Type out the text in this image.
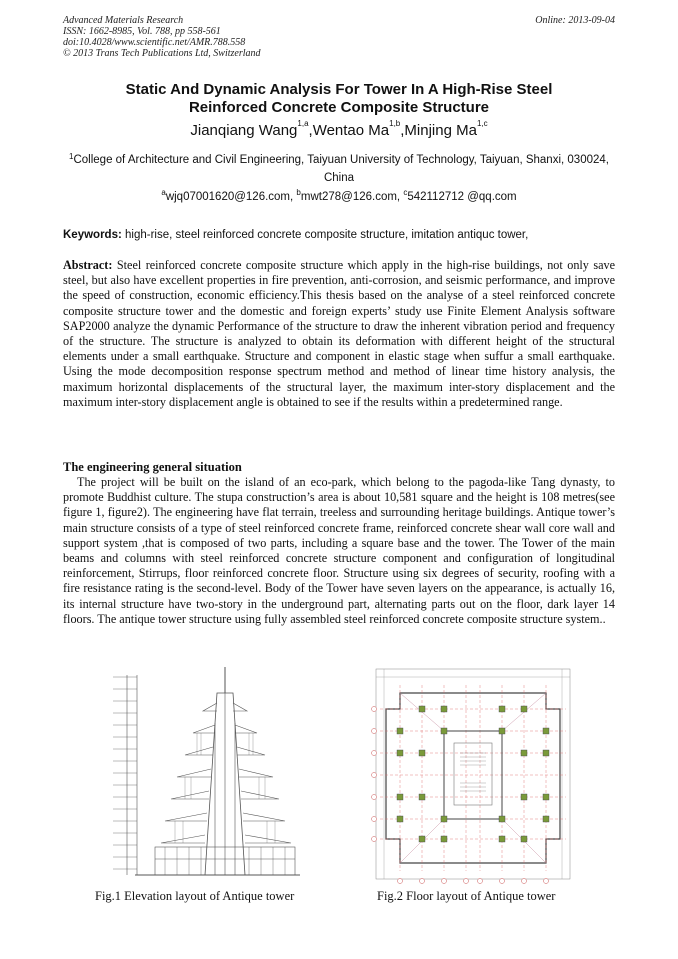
Advanced Materials Research
ISSN: 1662-8985, Vol. 788, pp 558-561
doi:10.4028/www.scientific.net/AMR.788.558
© 2013 Trans Tech Publications Ltd, Switzerland
Online: 2013-09-04
Static And Dynamic Analysis For Tower In A High-Rise Steel
Reinforced Concrete Composite Structure
Jianqiang Wang$^{1,a}$,Wentao Ma$^{1,b}$,Minjing Ma$^{1,c}$
$^1$College of Architecture and Civil Engineering, Taiyuan University of Technology, Taiyuan, Shanxi, 030024, China
$^a$wjq07001620@126.com, $^b$mwt278@126.com, $^c$542112712 @qq.com
Keywords: high-rise, steel reinforced concrete composite structure, imitation antiquc tower,
Abstract: Steel reinforced concrete composite structure which apply in the high-rise buildings, not only save steel, but also have excellent properties in fire prevention, anti-corrosion, and seismic performance, and improve the speed of construction, economic efficiency.This thesis based on the analyse of a steel reinforced concrete composite structure tower and the domestic and foreign experts’ study use Finite Element Analysis software SAP2000 analyze the dynamic Performance of the structure to draw the inherent vibration period and frequency of the structure. The structure is analyzed to obtain its deformation with different height of the structural elements under a small earthquake. Structure and component in elastic stage when suffur a small earthquake. Using the mode decomposition response spectrum method and method of linear time history analysis, the maximum horizontal displacements of the structural layer, the maximum inter-story displacement and the maximum inter-story displacement angle is obtained to see if the results within a predetermined range.
The engineering general situation
The project will be built on the island of an eco-park, which belong to the pagoda-like Tang dynasty, to promote Buddhist culture. The stupa construction’s area is about 10,581 square and the height is 108 metres(see figure 1, figure2). The engineering have flat terrain, treeless and surrounding heritage buildings. Antique tower’s main structure consists of a type of steel reinforced concrete frame, reinforced concrete shear wall core wall and support system ,that is composed of two parts, including a square base and the tower. The Tower of the main beams and columns with steel reinforced concrete structure component and configuration of longitudinal reinforcement, Stirrups, floor reinforced concrete floor. Structure using six degrees of security, roofing with a fire resistance rating is the second-level. Body of the Tower have seven layers on the appearance, is actually 16, its internal structure have two-story in the underground part, alternating parts out on the floor, dark layer 14 floors. The antique tower structure using fully assembled steel reinforced concrete composite structure system..
Fig.1 Elevation layout of Antique tower	Fig.2 Floor layout of Antique tower
